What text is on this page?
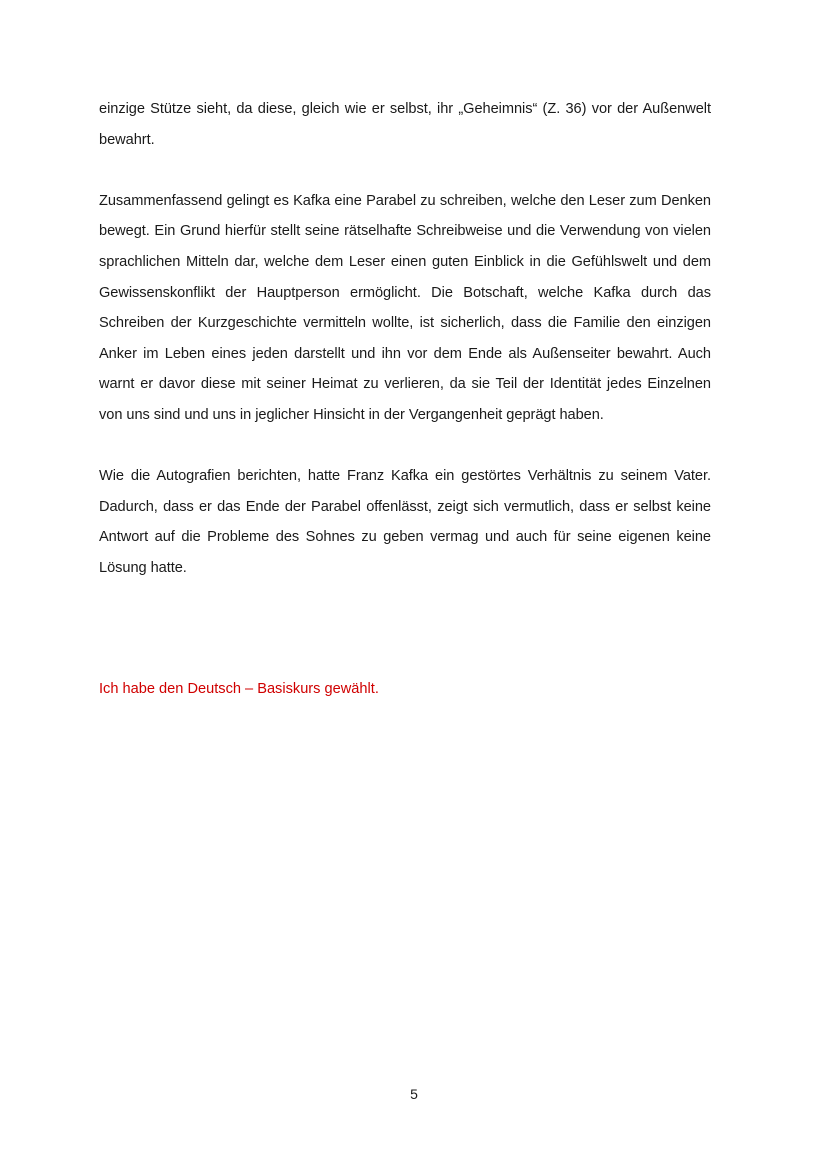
einzige Stütze sieht, da diese, gleich wie er selbst, ihr „Geheimnis“ (Z. 36) vor der Außenwelt bewahrt.

Zusammenfassend gelingt es Kafka eine Parabel zu schreiben, welche den Leser zum Denken bewegt. Ein Grund hierfür stellt seine rätselhafte Schreibweise und die Verwendung von vielen sprachlichen Mitteln dar, welche dem Leser einen guten Einblick in die Gefühlswelt und dem Gewissenskonflikt der Hauptperson ermöglicht. Die Botschaft, welche Kafka durch das Schreiben der Kurzgeschichte vermitteln wollte, ist sicherlich, dass die Familie den einzigen Anker im Leben eines jeden darstellt und ihn vor dem Ende als Außenseiter bewahrt. Auch warnt er davor diese mit seiner Heimat zu verlieren, da sie Teil der Identität jedes Einzelnen von uns sind und uns in jeglicher Hinsicht in der Vergangenheit geprägt haben.

Wie die Autografien berichten, hatte Franz Kafka ein gestörtes Verhältnis zu seinem Vater. Dadurch, dass er das Ende der Parabel offenlässt, zeigt sich vermutlich, dass er selbst keine Antwort auf die Probleme des Sohnes zu geben vermag und auch für seine eigenen keine Lösung hatte.

Ich habe den Deutsch – Basiskurs gewählt.

5
